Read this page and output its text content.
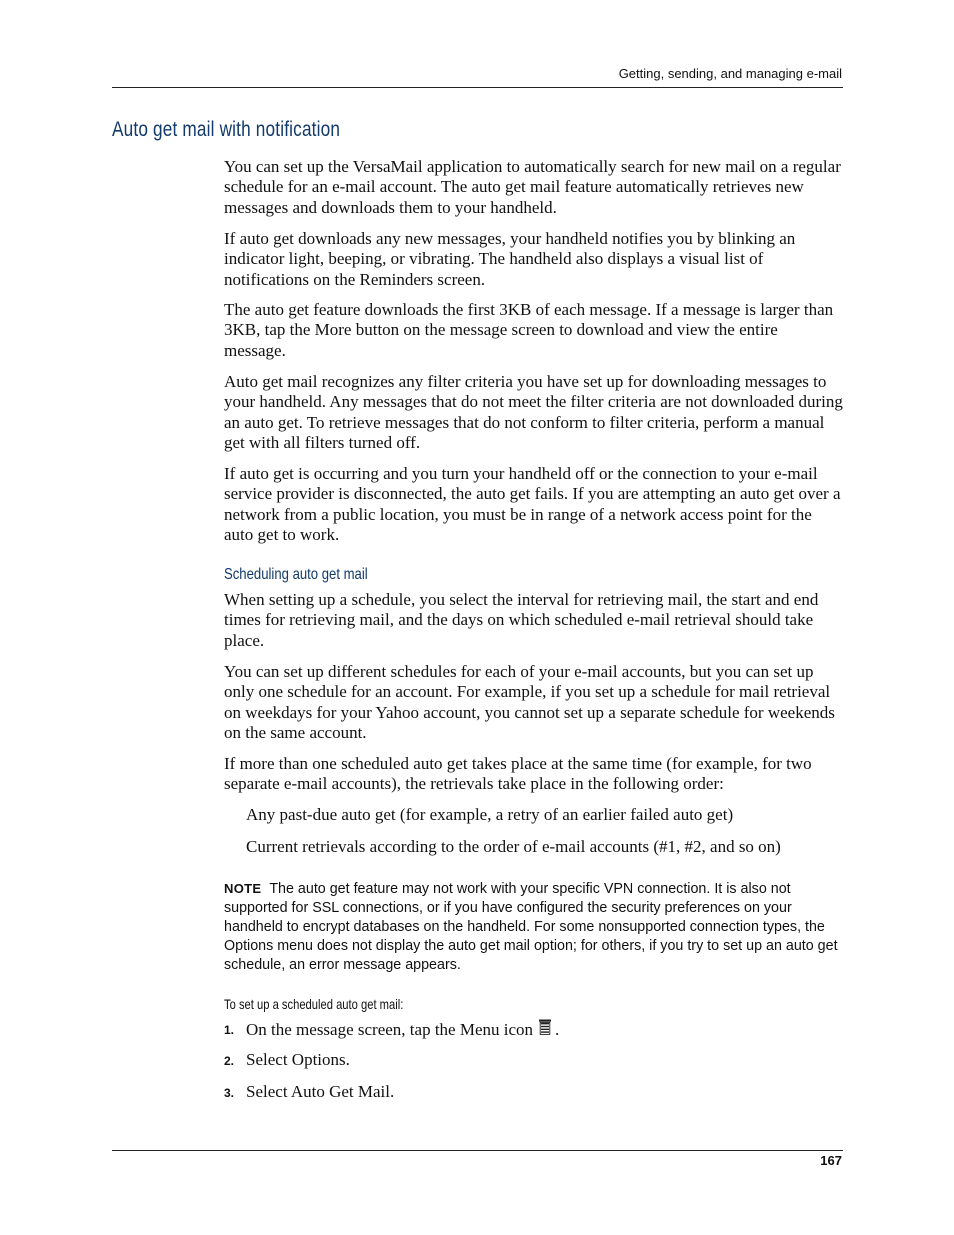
Getting, sending, and managing e-mail
Auto get mail with notification

You can set up the VersaMail application to automatically search for new mail on a regular schedule for an e-mail account. The auto get mail feature automatically retrieves new messages and downloads them to your handheld.

If auto get downloads any new messages, your handheld notifies you by blinking an indicator light, beeping, or vibrating. The handheld also displays a visual list of notifications on the Reminders screen.

The auto get feature downloads the first 3KB of each message. If a message is larger than 3KB, tap the More button on the message screen to download and view the entire message.

Auto get mail recognizes any filter criteria you have set up for downloading messages to your handheld. Any messages that do not meet the filter criteria are not downloaded during an auto get. To retrieve messages that do not conform to filter criteria, perform a manual get with all filters turned off.

If auto get is occurring and you turn your handheld off or the connection to your e-mail service provider is disconnected, the auto get fails. If you are attempting an auto get over a network from a public location, you must be in range of a network access point for the auto get to work.

Scheduling auto get mail

When setting up a schedule, you select the interval for retrieving mail, the start and end times for retrieving mail, and the days on which scheduled e-mail retrieval should take place.

You can set up different schedules for each of your e-mail accounts, but you can set up only one schedule for an account. For example, if you set up a schedule for mail retrieval on weekdays for your Yahoo account, you cannot set up a separate schedule for weekends on the same account.

If more than one scheduled auto get takes place at the same time (for example, for two separate e-mail accounts), the retrievals take place in the following order:

Any past-due auto get (for example, a retry of an earlier failed auto get)

Current retrievals according to the order of e-mail accounts (#1, #2, and so on)

NOTE The auto get feature may not work with your specific VPN connection. It is also not supported for SSL connections, or if you have configured the security preferences on your handheld to encrypt databases on the handheld. For some nonsupported connection types, the Options menu does not display the auto get mail option; for others, if you try to set up an auto get schedule, an error message appears.

To set up a scheduled auto get mail:
1. On the message screen, tap the Menu icon .
2. Select Options.
3. Select Auto Get Mail.
167
